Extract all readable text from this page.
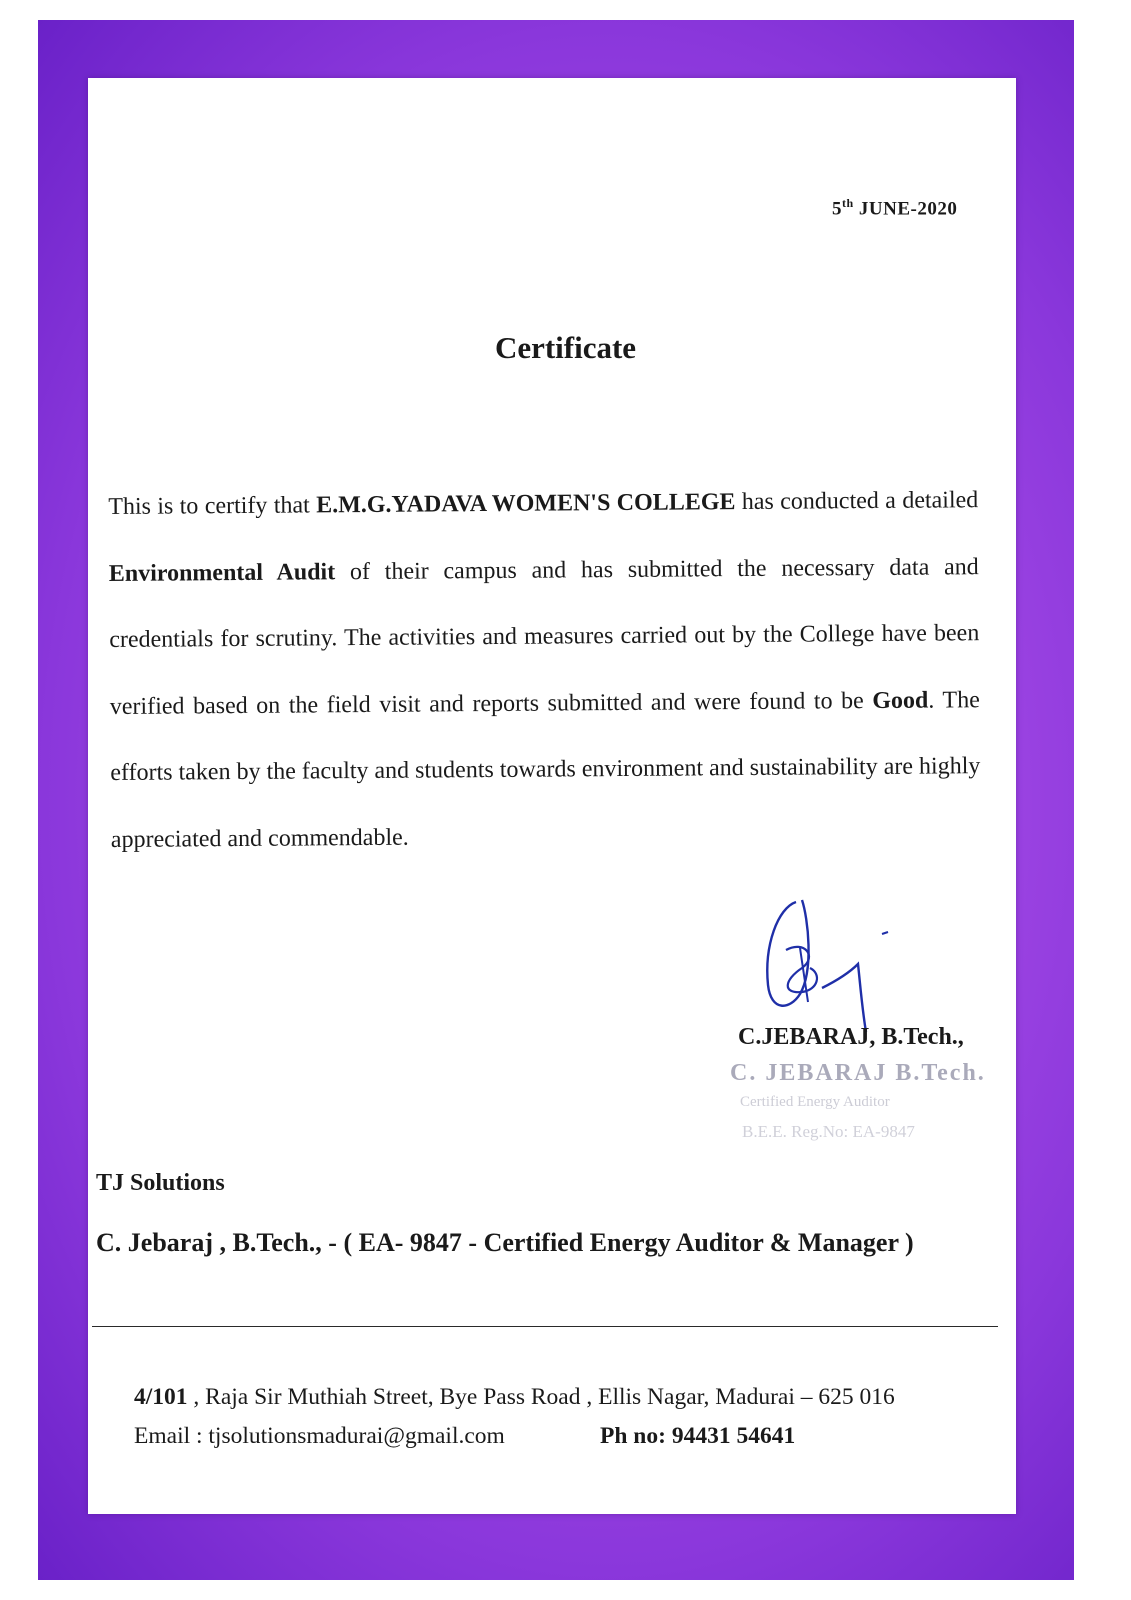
5th JUNE-2020
Certificate
This is to certify that E.M.G.YADAVA WOMEN'S COLLEGE has conducted a detailed Environmental Audit of their campus and has submitted the necessary data and credentials for scrutiny. The activities and measures carried out by the College have been verified based on the field visit and reports submitted and were found to be Good. The efforts taken by the faculty and students towards environment and sustainability are highly appreciated and commendable.
C.JEBARAJ, B.Tech.,
C. JEBARAJ B.Tech.
Certified Energy Auditor
B.E.E. Reg.No: EA-9847
TJ Solutions
C. Jebaraj , B.Tech., - ( EA- 9847 - Certified Energy Auditor & Manager )
4/101 , Raja Sir Muthiah Street, Bye Pass Road , Ellis Nagar, Madurai – 625 016
Email : tjsolutionsmadurai@gmail.com	Ph no: 94431 54641
